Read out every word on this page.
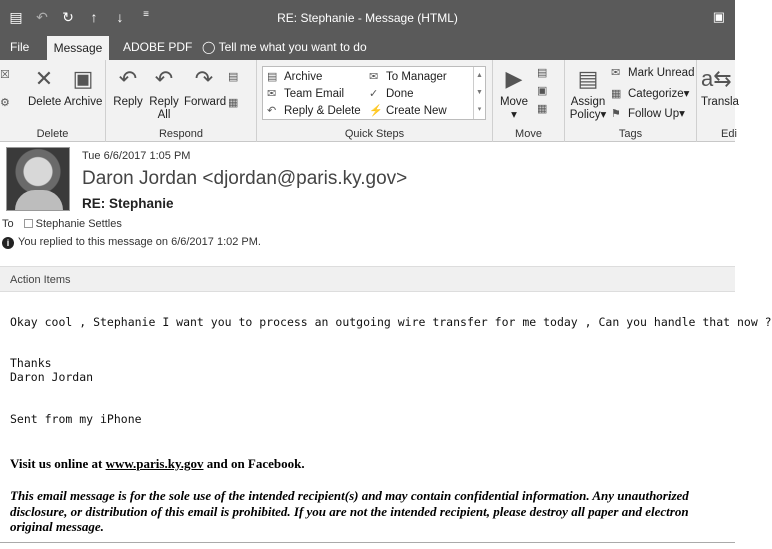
▤ ↶ ↻	↑	↓	≡	RE: Stephanie - Message (HTML)	▣
File	Message	ADOBE PDF ◯ Tell me what you want to do
☒
⚙
✕
Delete
▣
Archive
Delete
↶
Reply
↶
Reply
All
↷
Forward
▤
▦
Respond	Quick Steps
▤ Archive	✉ To Manager
✉ Team Email ✓ Done
↶ Reply & Delete ⚡ Create New
▲
▼
▾
▶
Move
▾
▤
▣
▦
Move
▤
Assign
Policy▾
✉ Mark Unread
▦ Categorize▾
⚑ Follow Up▾
Tags
a⇆
Transla
Edi
Tue 6/6/2017 1:05 PM
Daron Jordan <djordan@paris.ky.gov>
RE: Stephanie
To Stephanie Settles
i You replied to this message on 6/6/2017 1:02 PM.
Action Items
Okay cool , Stephanie I want you to process an outgoing wire transfer for me today , Can you handle that now ?
Thanks
Daron Jordan
Sent from my iPhone
Visit us online at www.paris.ky.gov and on Facebook.
This email message is for the sole use of the intended recipient(s) and may contain confidential information. Any unauthorized
disclosure, or distribution of this email is prohibited. If you are not the intended recipient, please destroy all paper and electron
original message.
